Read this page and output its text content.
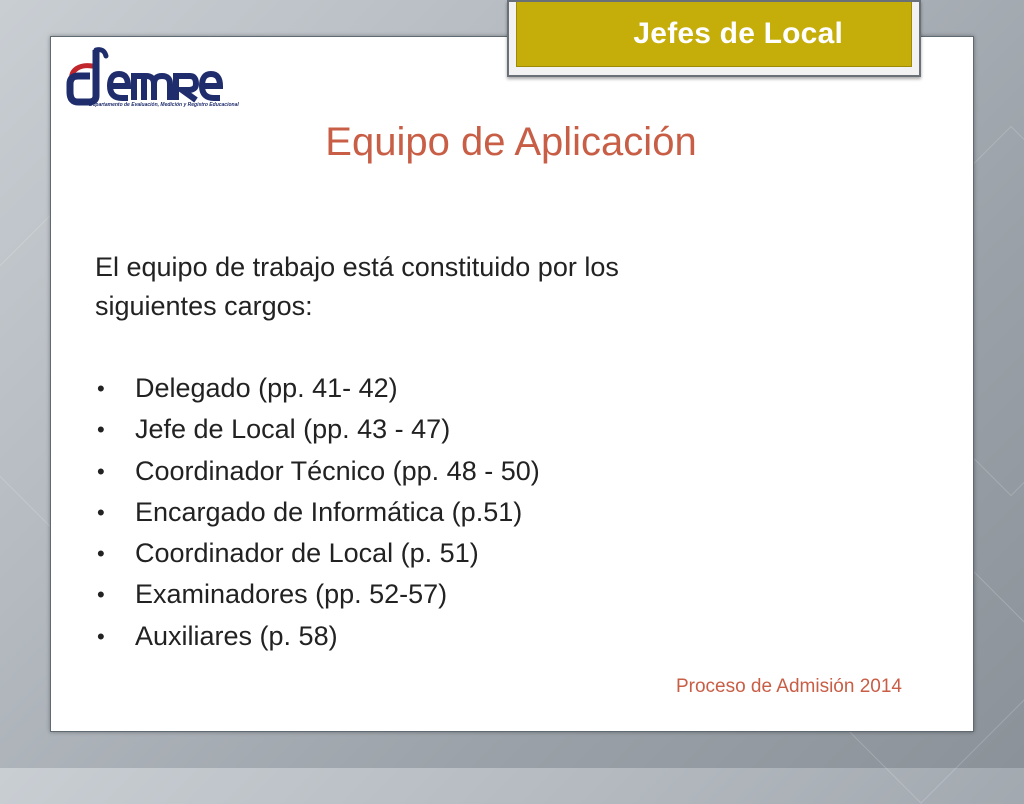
Jefes de Local
Departamento de Evaluación, Medición y Registro Educacional
Equipo de Aplicación
El equipo de trabajo está constituido por los
siguientes cargos:
•	Delegado (pp. 41- 42)
•	Jefe de Local (pp. 43 - 47)
•	Coordinador Técnico (pp. 48 - 50)
•	Encargado de Informática (p.51)
•	Coordinador de Local (p. 51)
•	Examinadores (pp. 52-57)
•	Auxiliares (p. 58)
Proceso de Admisión 2014
